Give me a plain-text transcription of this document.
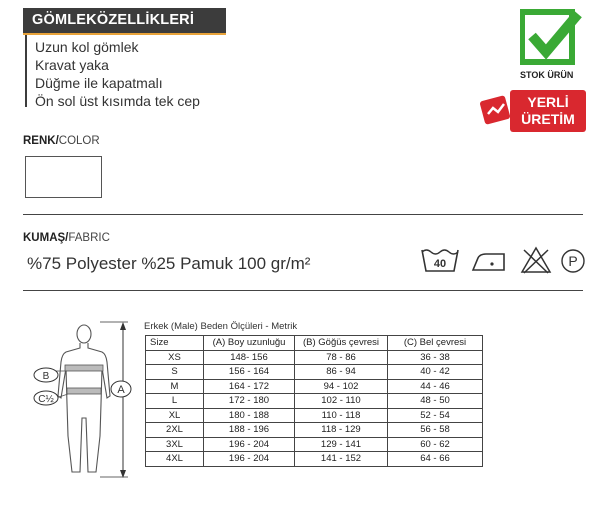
GÖMLEKÖZELLİKLERİ
Uzun kol gömlek
Kravat yaka
Düğme ile kapatmalı
Ön sol üst kısımda tek cep
STOK ÜRÜN
YERLİ
ÜRETİM
RENK/COLOR
KUMAŞ/FABRIC
%75 Polyester %25 Pamuk 100 gr/m²	40	P
A
B
C½
Erkek (Male) Beden Ölçüleri - Metrik
Size	(A) Boy uzunluğu	(B) Göğüs çevresi	(C) Bel çevresi
XS	148- 156	78 - 86	36 - 38
S	156 - 164	86 - 94	40 - 42
M	164 - 172	94 - 102	44 - 46
L	172 - 180	102 - 110	48 - 50
XL	180 - 188	110 - 118	52 - 54
2XL	188 - 196	118 - 129	56 - 58
3XL	196 - 204	129 - 141	60 - 62
4XL	196 - 204	141 - 152	64 - 66
